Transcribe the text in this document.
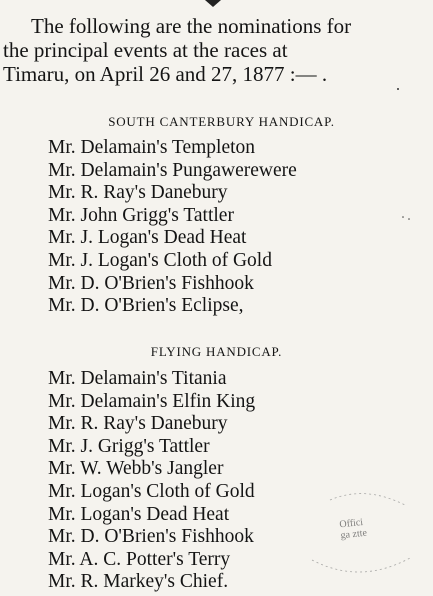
The following are the nominations for
the principal events at the races at
Timaru, on April 26 and 27, 1877 :— .
SOUTH CANTERBURY HANDICAP.
Mr. Delamain's Templeton
Mr. Delamain's Pungawerewere
Mr. R. Ray's Danebury
Mr. John Grigg's Tattler
Mr. J. Logan's Dead Heat
Mr. J. Logan's Cloth of Gold
Mr. D. O'Brien's Fishhook
Mr. D. O'Brien's Eclipse,
FLYING HANDICAP.
Mr. Delamain's Titania
Mr. Delamain's Elfin King
Mr. R. Ray's Danebury
Mr. J. Grigg's Tattler
Mr. W. Webb's Jangler
Mr. Logan's Cloth of Gold
Mr. Logan's Dead Heat
Mr. D. O'Brien's Fishhook
Mr. A. C. Potter's Terry
Mr. R. Markey's Chief.
Offici
ga ztte
